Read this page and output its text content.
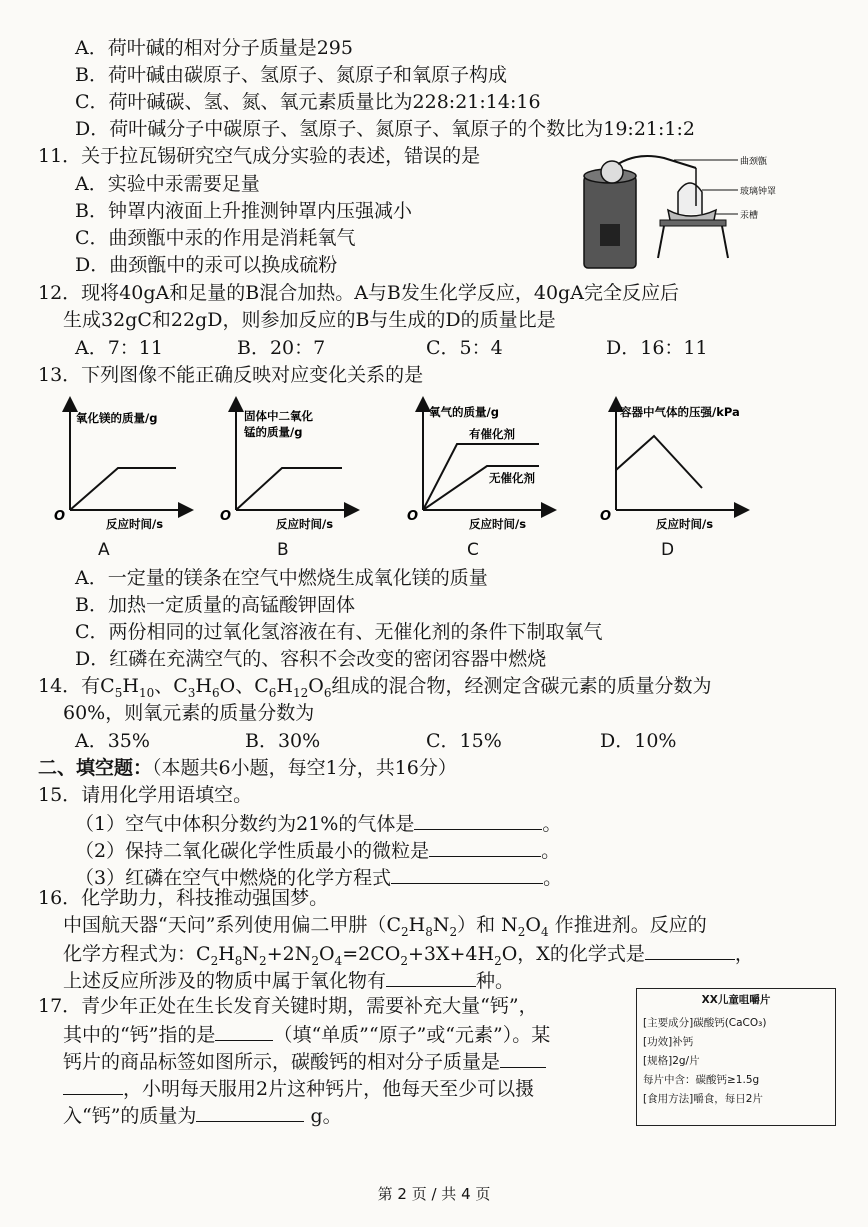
A．荷叶碱的相对分子质量是295
B．荷叶碱由碳原子、氢原子、氮原子和氧原子构成
C．荷叶碱碳、氢、氮、氧元素质量比为228:21:14:16
D．荷叶碱分子中碳原子、氢原子、氮原子、氧原子的个数比为19:21:1:2
11．关于拉瓦锡研究空气成分实验的表述，错误的是
A．实验中汞需要足量
B．钟罩内液面上升推测钟罩内压强减小
C．曲颈甑中汞的作用是消耗氧气
D．曲颈甑中的汞可以换成硫粉
曲颈甑
玻璃钟罩
汞槽
12．现将40gA和足量的B混合加热。A与B发生化学反应，40gA完全反应后
生成32gC和22gD，则参加反应的B与生成的D的质量比是
A．7：11	B．20：7	C．5：4	D．16：11
13．下列图像不能正确反映对应变化关系的是
氧化镁的质量/g
O	反应时间/s
A
固体中二氧化
锰的质量/g
O	反应时间/s
B
氧气的质量/g
有催化剂
无催化剂
O	反应时间/s
C
容器中气体的压强/kPa
O	反应时间/s
D
A．一定量的镁条在空气中燃烧生成氧化镁的质量
B．加热一定质量的高锰酸钾固体
C．两份相同的过氧化氢溶液在有、无催化剂的条件下制取氧气
D．红磷在充满空气的、容积不会改变的密闭容器中燃烧
14．有$C_5H_{10}$、$C_3H_6O$、$C_6H_{12}O_6$组成的混合物，经测定含碳元素的质量分数为
60%，则氧元素的质量分数为
A．35%	B．30%	C．15%	D．10%
二、填空题：（本题共6小题，每空1分，共16分）
15．请用化学用语填空。
（1）空气中体积分数约为21%的气体是	。
（2）保持二氧化碳化学性质最小的微粒是	。
（3）红磷在空气中燃烧的化学方程式	。
16．化学助力，科技推动强国梦。
中国航天器“天问”系列使用偏二甲肼$(C_2H_8N_2)$和 $N_2O_4$ 作推进剂。反应的
化学方程式为：$C_2H_8N_2+2N_2O_4=2CO_2+3X+4H_2O$，X的化学式是	，
上述反应所涉及的物质中属于氧化物有	种。
17．青少年正处在生长发育关键时期，需要补充大量“钙”，
其中的“钙”指的是	（填“单质”“原子”或“元素”）。某
钙片的商品标签如图所示，碳酸钙的相对分子质量是
，小明每天服用2片这种钙片，他每天至少可以摄
入“钙”的质量为	g。
XX儿童咀嚼片
[主要成分]碳酸钙(CaCO₃)
[功效]补钙
[规格]2g/片
每片中含：碳酸钙≥1.5g
[食用方法]嚼食，每日2片
第 2 页 / 共 4 页
